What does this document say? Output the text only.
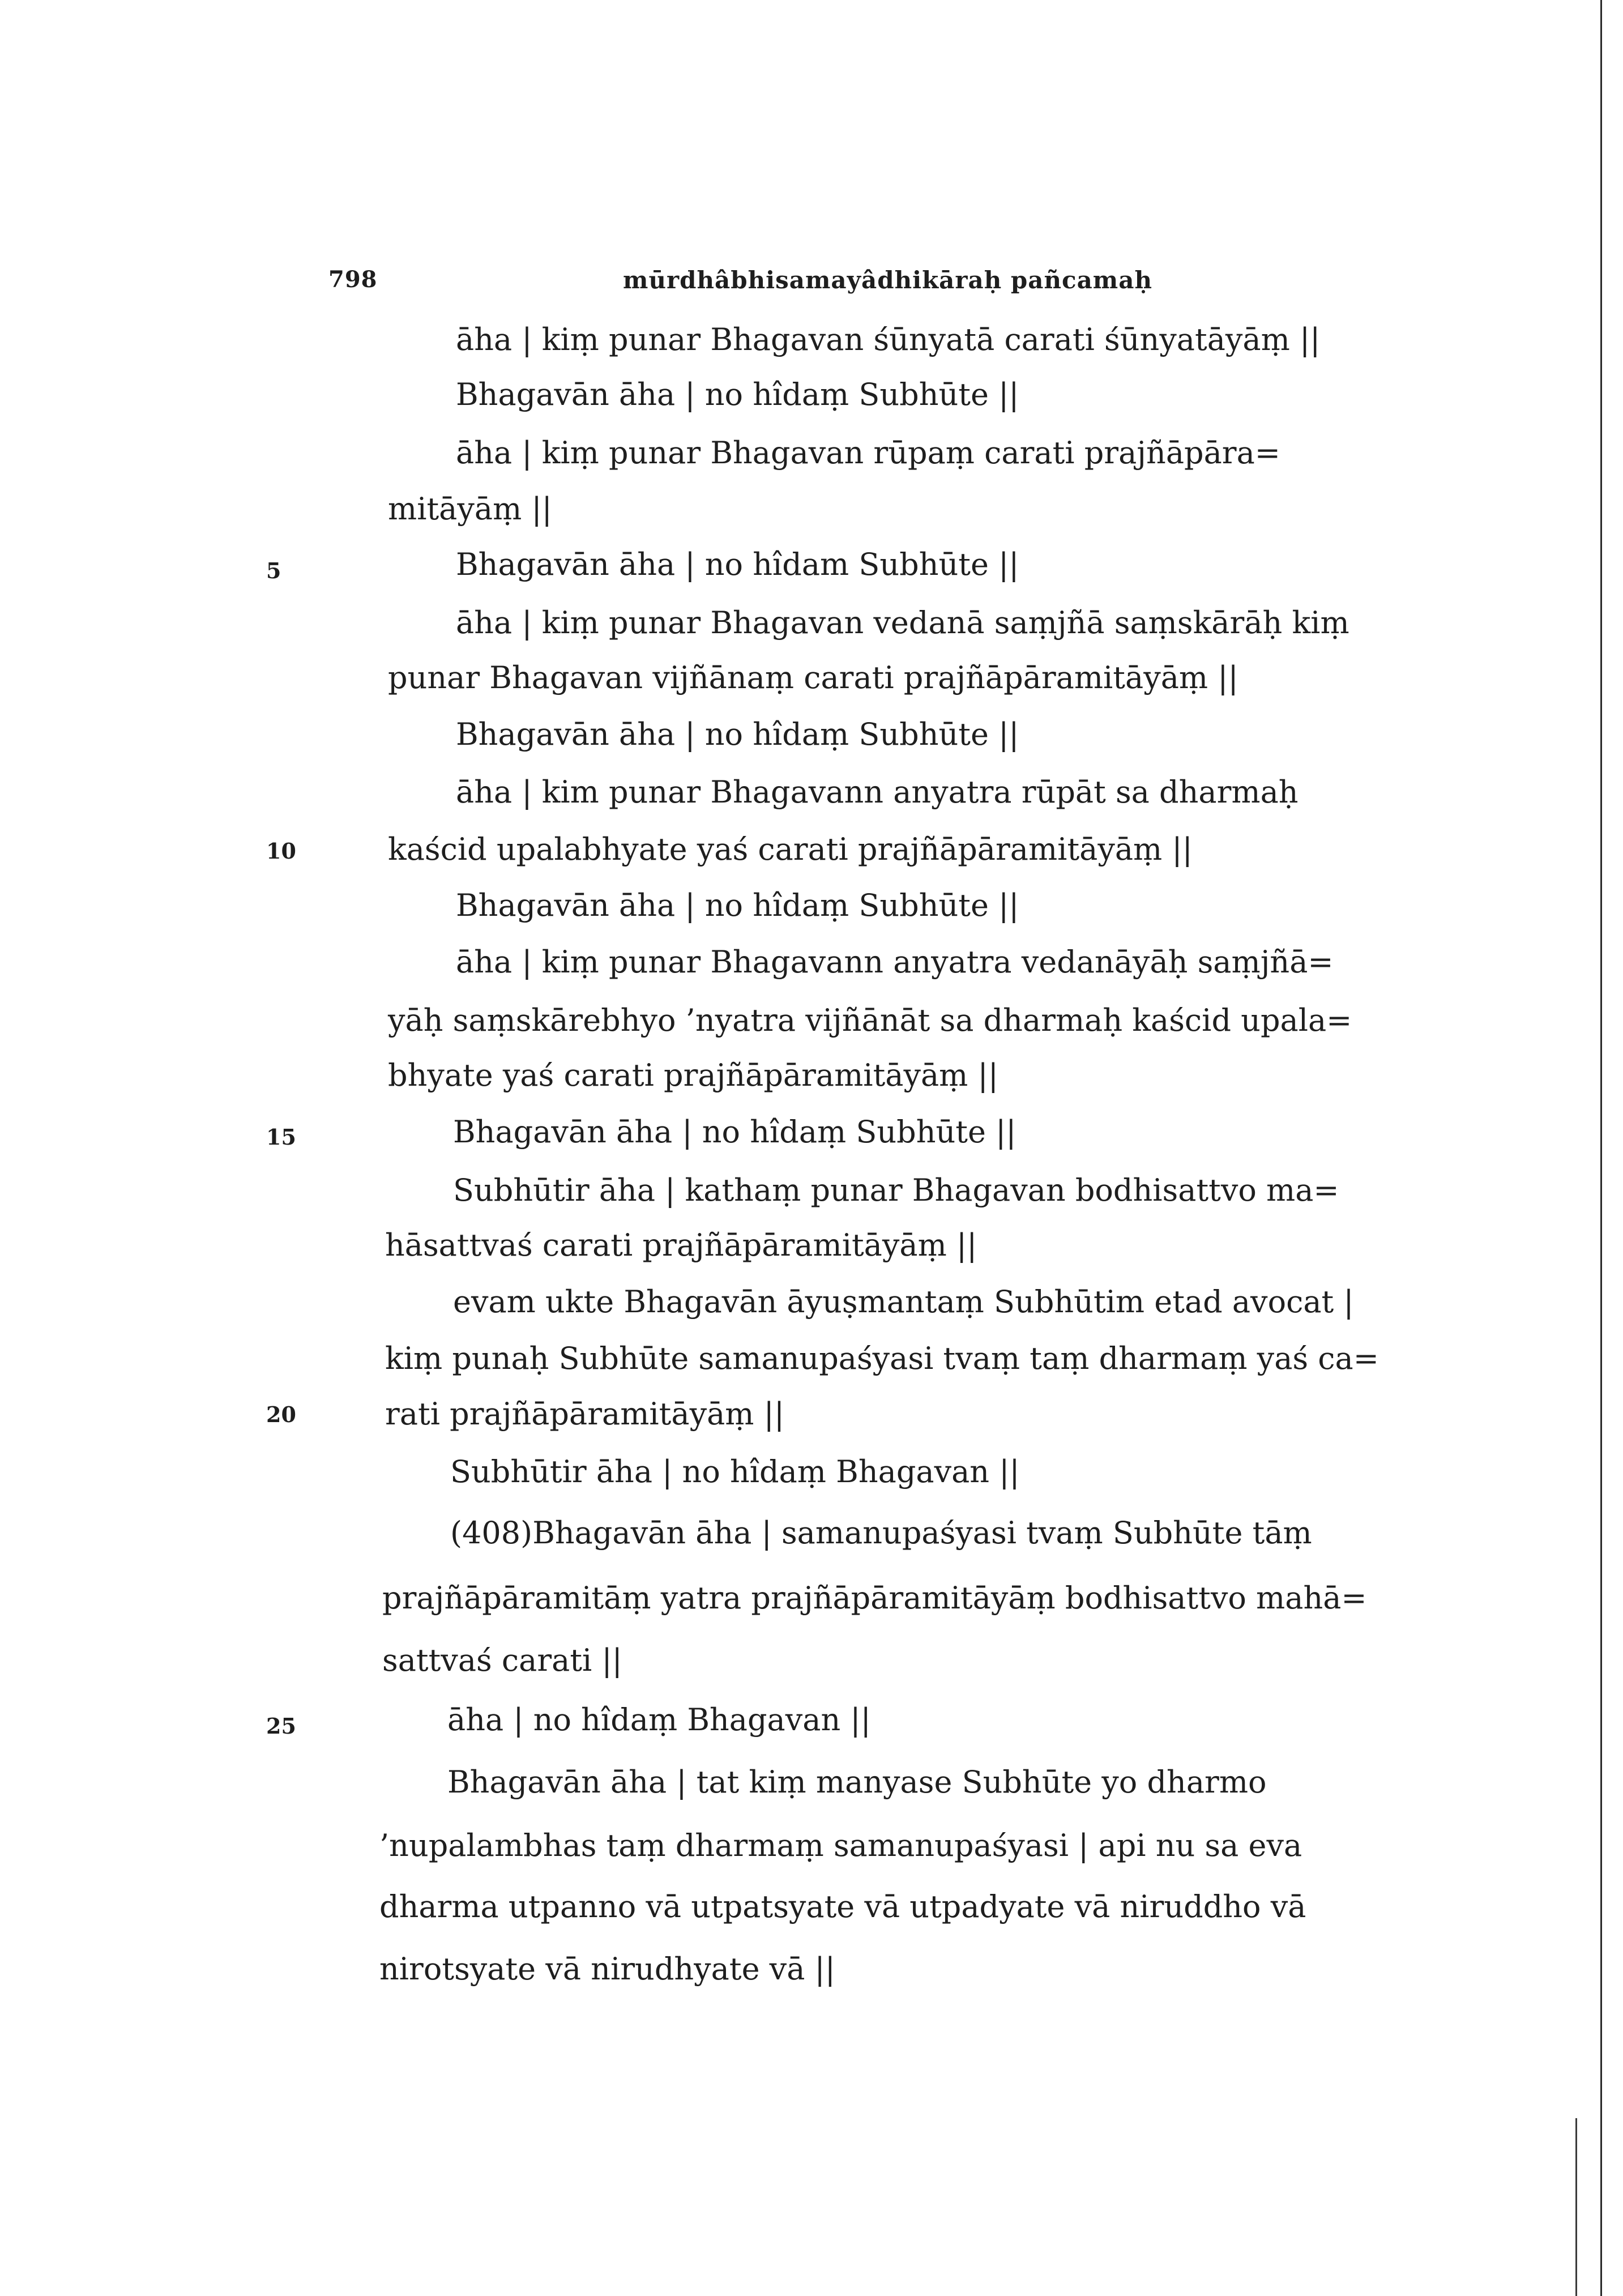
798	mūrdhâbhisamayâdhikāraḥ pañcamaḥ
5
10
15
20
25
āha | kiṃ punar Bhagavan śūnyatā carati śūnyatāyāṃ ||
Bhagavān āha | no hîdaṃ Subhūte ||
āha | kiṃ punar Bhagavan rūpaṃ carati prajñāpāra=
mitāyāṃ ||
Bhagavān āha | no hîdam Subhūte ||
āha | kiṃ punar Bhagavan vedanā saṃjñā saṃskārāḥ kiṃ
punar Bhagavan vijñānaṃ carati prajñāpāramitāyāṃ ||
Bhagavān āha | no hîdaṃ Subhūte ||
āha | kim punar Bhagavann anyatra rūpāt sa dharmaḥ
kaścid upalabhyate yaś carati prajñāpāramitāyāṃ ||
Bhagavān āha | no hîdaṃ Subhūte ||
āha | kiṃ punar Bhagavann anyatra vedanāyāḥ saṃjñā=
yāḥ saṃskārebhyo ’nyatra vijñānāt sa dharmaḥ kaścid upala=
bhyate yaś carati prajñāpāramitāyāṃ ||
Bhagavān āha | no hîdaṃ Subhūte ||
Subhūtir āha | kathaṃ punar Bhagavan bodhisattvo ma=
hāsattvaś carati prajñāpāramitāyāṃ ||
evam ukte Bhagavān āyuṣmantaṃ Subhūtim etad avocat |
kiṃ punaḥ Subhūte samanupaśyasi tvaṃ taṃ dharmaṃ yaś ca=
rati prajñāpāramitāyāṃ ||
Subhūtir āha | no hîdaṃ Bhagavan ||
(408)Bhagavān āha | samanupaśyasi tvaṃ Subhūte tāṃ
prajñāpāramitāṃ yatra prajñāpāramitāyāṃ bodhisattvo mahā=
sattvaś carati ||
āha | no hîdaṃ Bhagavan ||
Bhagavān āha | tat kiṃ manyase Subhūte yo dharmo
’nupalambhas taṃ dharmaṃ samanupaśyasi | api nu sa eva
dharma utpanno vā utpatsyate vā utpadyate vā niruddho vā
nirotsyate vā nirudhyate vā ||
